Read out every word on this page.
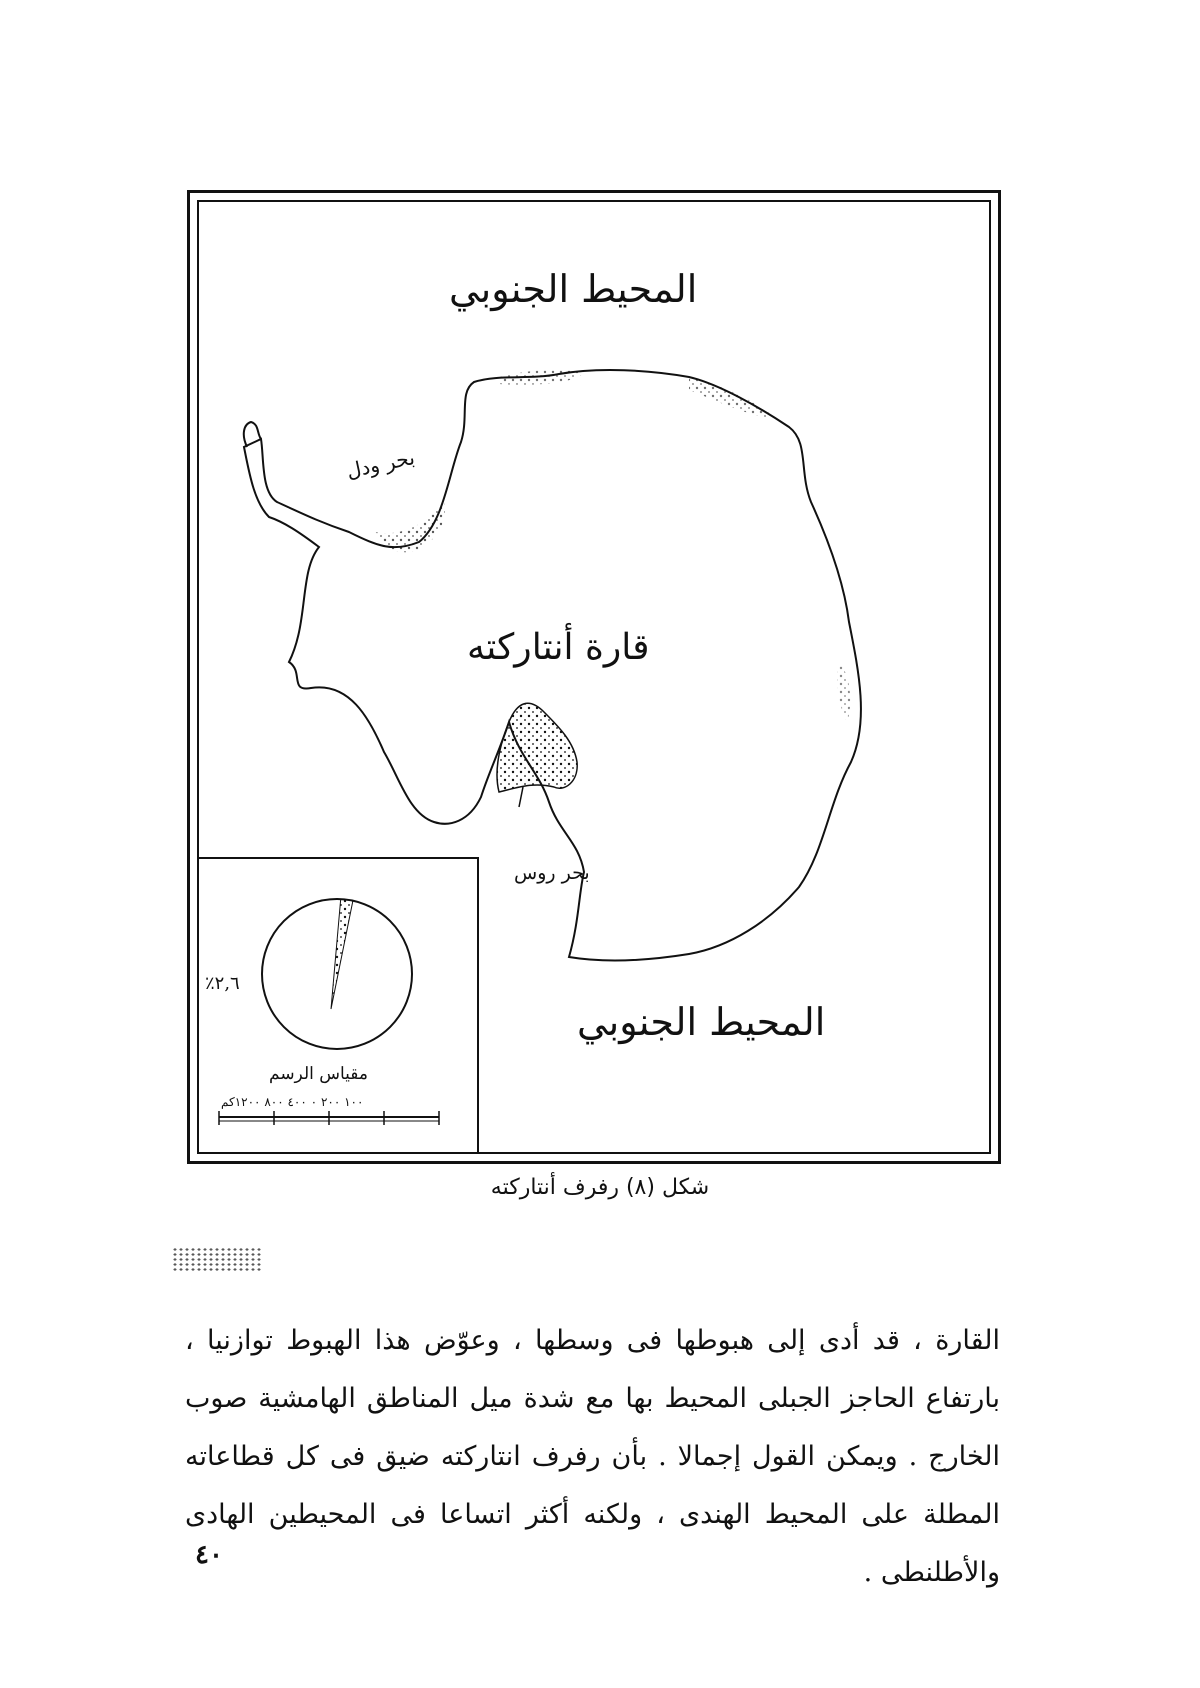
المحيط الجنوبي
قارة أنتاركته
بحر ودل
بحر روس
المحيط الجنوبي
٢,٦٪
مقياس الرسم
١٠٠ ٢٠٠ ٠ ٤٠٠ ٨٠٠ ١٢٠٠كم
شكل (٨) رفرف أنتاركته

القارة ، قد أدى إلى هبوطها فى وسطها ، وعوّض هذا الهبوط توازنيا ، بارتفاع الحاجز الجبلى المحيط بها مع شدة ميل المناطق الهامشية صوب الخارج . ويمكن القول إجمالا . بأن رفرف انتاركته ضيق فى كل قطاعاته المطلة على المحيط الهندى ، ولكنه أكثر اتساعا فى المحيطين الهادى والأطلنطى .

٤٠
